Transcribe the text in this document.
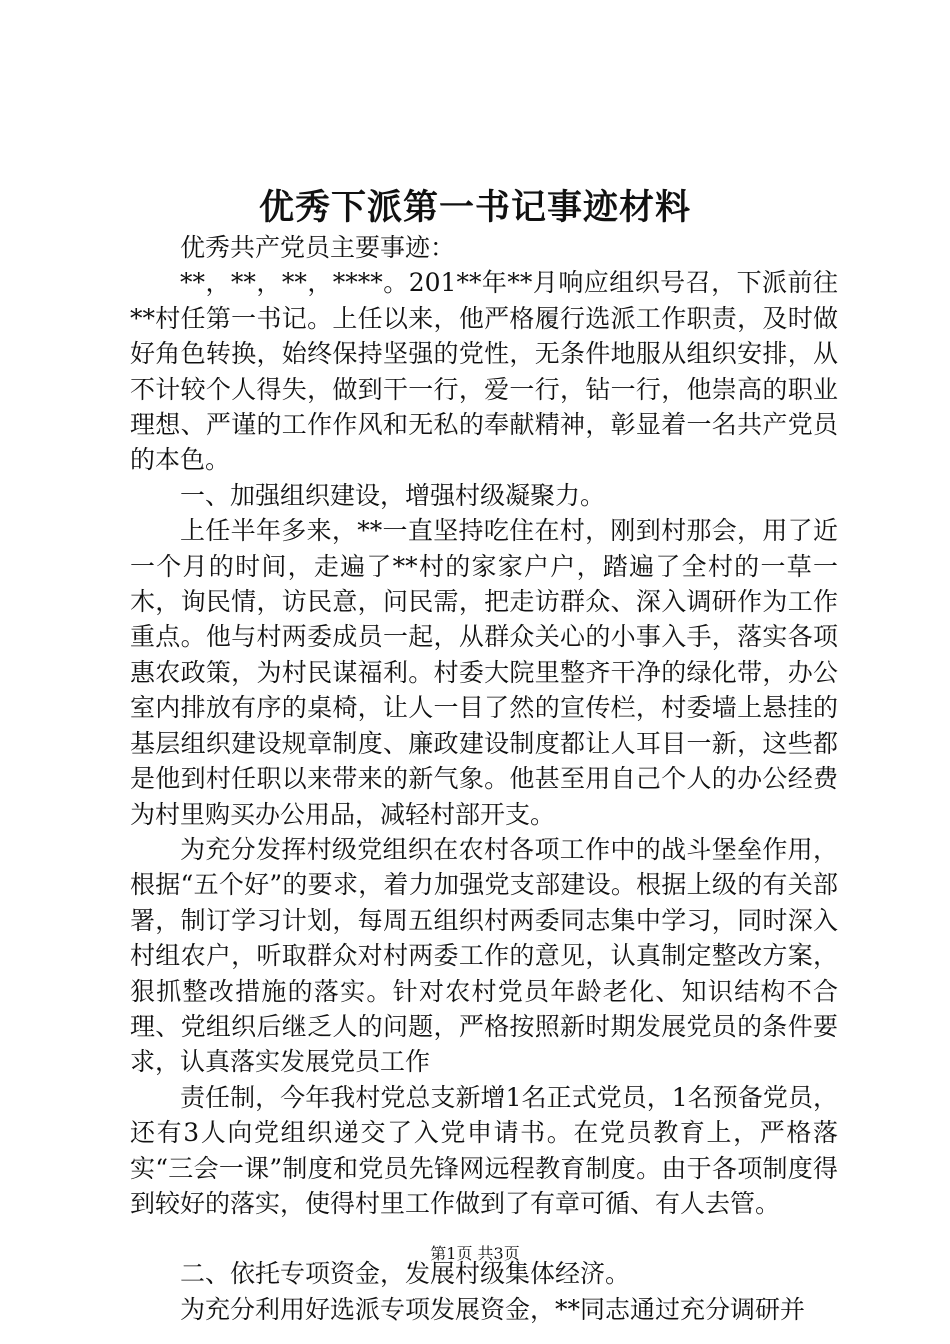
优秀下派第一书记事迹材料

优秀共产党员主要事迹：

**，**，**，****。201**年**月响应组织号召，下派前往**村任第一书记。上任以来，他严格履行选派工作职责，及时做好角色转换，始终保持坚强的党性，无条件地服从组织安排，从不计较个人得失，做到干一行，爱一行，钻一行，他崇高的职业理想、严谨的工作作风和无私的奉献精神，彰显着一名共产党员的本色。

一、加强组织建设，增强村级凝聚力。

上任半年多来，**一直坚持吃住在村，刚到村那会，用了近一个月的时间，走遍了**村的家家户户，踏遍了全村的一草一木，询民情，访民意，问民需，把走访群众、深入调研作为工作重点。他与村两委成员一起，从群众关心的小事入手，落实各项惠农政策，为村民谋福利。村委大院里整齐干净的绿化带，办公室内排放有序的桌椅，让人一目了然的宣传栏，村委墙上悬挂的基层组织建设规章制度、廉政建设制度都让人耳目一新，这些都是他到村任职以来带来的新气象。他甚至用自己个人的办公经费为村里购买办公用品，减轻村部开支。

为充分发挥村级党组织在农村各项工作中的战斗堡垒作用，根据“五个好”的要求，着力加强党支部建设。根据上级的有关部署，制订学习计划，每周五组织村两委同志集中学习，同时深入村组农户，听取群众对村两委工作的意见，认真制定整改方案，狠抓整改措施的落实。针对农村党员年龄老化、知识结构不合理、党组织后继乏人的问题，严格按照新时期发展党员的条件要求，认真落实发展党员工作

责任制，今年我村党总支新增1名正式党员，1名预备党员，还有3人向党组织递交了入党申请书。在党员教育上，严格落实“三会一课”制度和党员先锋网远程教育制度。由于各项制度得到较好的落实，使得村里工作做到了有章可循、有人去管。

二、依托专项资金，发展村级集体经济。

为充分利用好选派专项发展资金，**同志通过充分调研并

第1页 共3页
